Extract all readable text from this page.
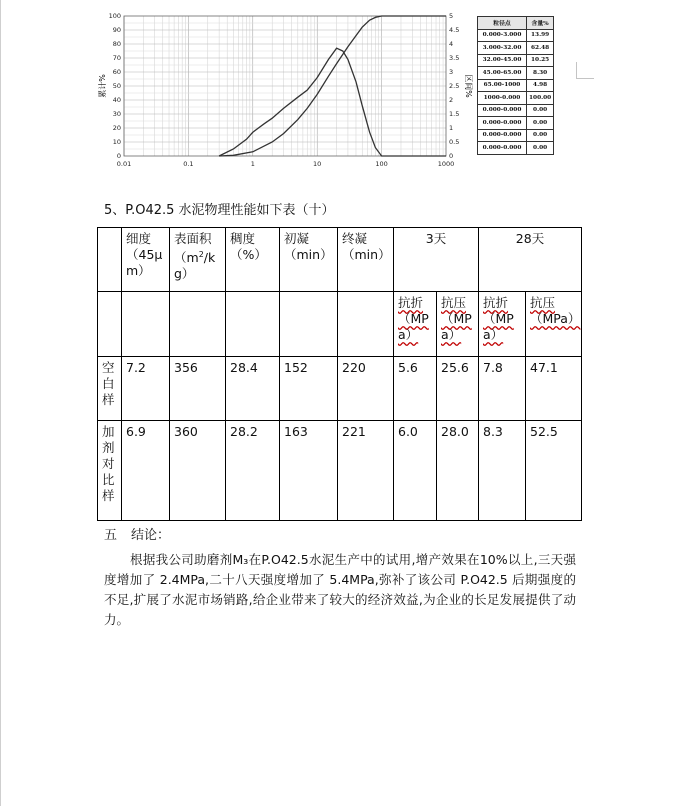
0
10
20
30
40
50
60
70
80
90
100
0
0.5
1
1.5
2
2.5
3
3.5
4
4.5
5
0.01	0.1	1	10	100	1000
累计%	区间%
粒径点	含量%
0.000-3.000	13.99
3.000-32.00	62.48
32.00-45.00	10.25
45.00-65.00	8.30
65.00-1000	4.98
1000-0.000	100.00
0.000-0.000	0.00
0.000-0.000	0.00
0.000-0.000	0.00
0.000-0.000	0.00
5、P.O42.5 水泥物理性能如下表（十）
	细度（45μm）	表面积$(m^2/kg)$	稠度（%）	初凝（min）	终凝（min）	3天		28天	
						抗折（MPa）	抗压（MPa）	抗折（MPa）	抗压（MPa）
空白样	7.2	356	28.4	152	220	5.6	25.6	7.8	47.1
加剂对比样	6.9	360	28.2	163	221	6.0	28.0	8.3	52.5
五 结论：
根据我公司助磨剂M₃在P.O42.5水泥生产中的试用,增产效果在10%以上,三天强度增加了 2.4MPa,二十八天强度增加了 5.4MPa,弥补了该公司 P.O42.5 后期强度的不足,扩展了水泥市场销路,给企业带来了较大的经济效益,为企业的长足发展提供了动力。
